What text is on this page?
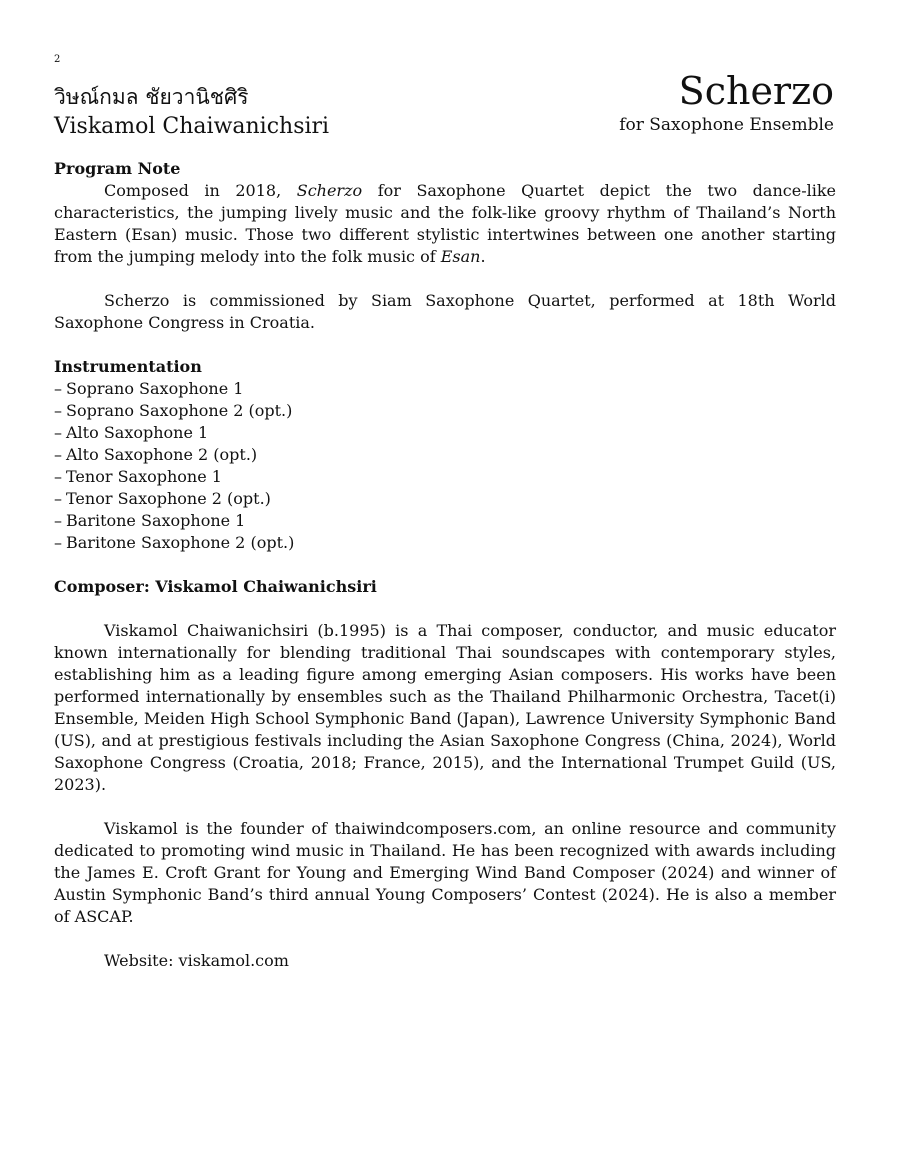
2
วิษณ์กมล ชัยวานิชศิริ
Viskamol Chaiwanichsiri
Scherzo
for Saxophone Ensemble
Program Note

Composed in 2018, Scherzo for Saxophone Quartet depict the two dance-like characteristics, the jumping lively music and the folk-like groovy rhythm of Thailand’s North Eastern (Esan) music. Those two different stylistic intertwines between one another starting from the jumping melody into the folk music of Esan.

Scherzo is commissioned by Siam Saxophone Quartet, performed at 18th World Saxophone Congress in Croatia.

Instrumentation
– Soprano Saxophone 1
– Soprano Saxophone 2 (opt.)
– Alto Saxophone 1
– Alto Saxophone 2 (opt.)
– Tenor Saxophone 1
– Tenor Saxophone 2 (opt.)
– Baritone Saxophone 1
– Baritone Saxophone 2 (opt.)
Composer: Viskamol Chaiwanichsiri

Viskamol Chaiwanichsiri (b.1995) is a Thai composer, conductor, and music educator known internationally for blending traditional Thai soundscapes with contemporary styles, establishing him as a leading figure among emerging Asian composers. His works have been performed internationally by ensembles such as the Thailand Philharmonic Orchestra, Tacet(i) Ensemble, Meiden High School Symphonic Band (Japan), Lawrence University Symphonic Band (US), and at prestigious festivals including the Asian Saxophone Congress (China, 2024), World Saxophone Congress (Croatia, 2018; France, 2015), and the International Trumpet Guild (US, 2023).

Viskamol is the founder of thaiwindcomposers.com, an online resource and community dedicated to promoting wind music in Thailand. He has been recognized with awards including the James E. Croft Grant for Young and Emerging Wind Band Composer (2024) and winner of Austin Symphonic Band’s third annual Young Composers’ Contest (2024). He is also a member of ASCAP.

Website: viskamol.com
